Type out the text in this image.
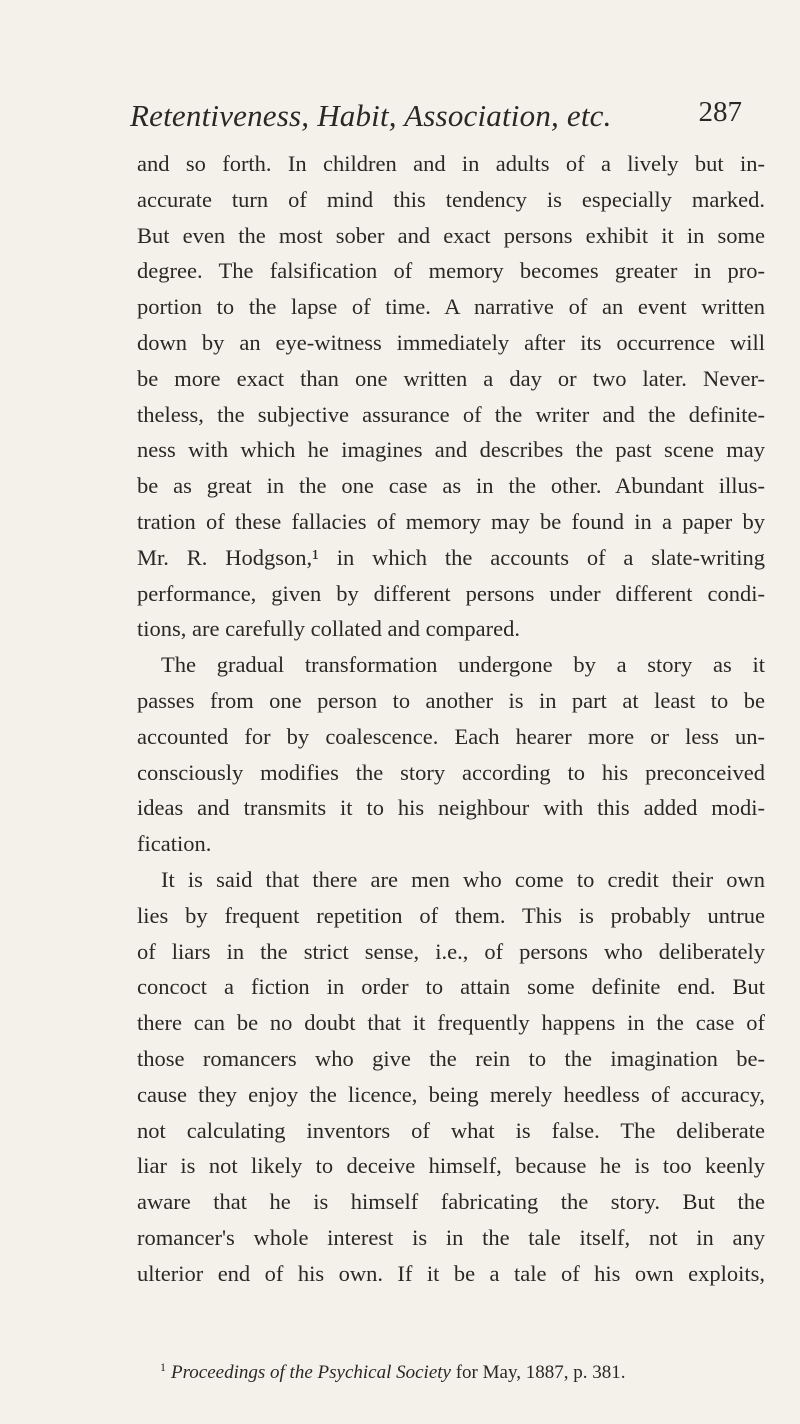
Retentiveness, Habit, Association, etc.	287
and so forth. In children and in adults of a lively but in-
accurate turn of mind this tendency is especially marked.
But even the most sober and exact persons exhibit it in some
degree. The falsification of memory becomes greater in pro-
portion to the lapse of time. A narrative of an event written
down by an eye-witness immediately after its occurrence will
be more exact than one written a day or two later. Never-
theless, the subjective assurance of the writer and the definite-
ness with which he imagines and describes the past scene may
be as great in the one case as in the other. Abundant illus-
tration of these fallacies of memory may be found in a paper by
Mr. R. Hodgson,¹ in which the accounts of a slate-writing
performance, given by different persons under different condi-
tions, are carefully collated and compared.
The gradual transformation undergone by a story as it
passes from one person to another is in part at least to be
accounted for by coalescence. Each hearer more or less un-
consciously modifies the story according to his preconceived
ideas and transmits it to his neighbour with this added modi-
fication.
It is said that there are men who come to credit their own
lies by frequent repetition of them. This is probably untrue
of liars in the strict sense, i.e., of persons who deliberately
concoct a fiction in order to attain some definite end. But
there can be no doubt that it frequently happens in the case of
those romancers who give the rein to the imagination be-
cause they enjoy the licence, being merely heedless of accuracy,
not calculating inventors of what is false. The deliberate
liar is not likely to deceive himself, because he is too keenly
aware that he is himself fabricating the story. But the
romancer's whole interest is in the tale itself, not in any
ulterior end of his own. If it be a tale of his own exploits,
$^1$ Proceedings of the Psychical Society for May, 1887, p. 381.
